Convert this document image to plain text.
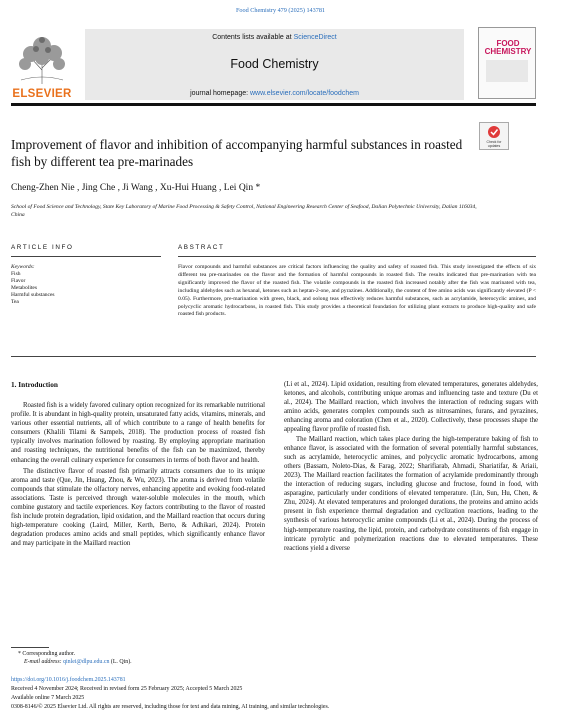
Food Chemistry 479 (2025) 143781
ELSEVIER
Contents lists available at ScienceDirect
Food Chemistry
journal homepage: www.elsevier.com/locate/foodchem
FOOD CHEMISTRY
Check for
updates
Improvement of flavor and inhibition of accompanying harmful substances in roasted fish by different tea pre-marinades
Cheng-Zhen Nie , Jing Che , Ji Wang , Xu-Hui Huang , Lei Qin *
School of Food Science and Technology, State Key Laboratory of Marine Food Processing & Safety Control, National Engineering Research Center of Seafood, Dalian Polytechnic University, Dalian 116034, China
ARTICLE INFO	ABSTRACT
Keywords:
Fish
Flavor
Metabolites
Harmful substances
Tea
Flavor compounds and harmful substances are critical factors influencing the quality and safety of roasted fish. This study investigated the effects of six different tea pre-marinades on the flavor and the formation of harmful compounds in roasted fish. The results indicated that pre-marination with tea significantly improved the flavor of the roasted fish. The volatile compounds in the roasted fish increased notably after the fish was marinated with tea, including aldehydes such as hexanal, ketones such as heptan-2-one, and pyrazines. Additionally, the content of free amino acids was significantly elevated (P < 0.05). Furthermore, pre-marination with green, black, and oolong teas effectively reduces harmful substances, such as acrylamide, heterocyclic amines, and polycyclic aromatic hydrocarbons, in roasted fish. This study provides a theoretical foundation for utilizing plant extracts to produce high-quality and safe roasted fish products.
1. Introduction

Roasted fish is a widely favored culinary option recognized for its remarkable nutritional profile. It is abundant in high-quality protein, unsaturated fatty acids, vitamins, minerals, and various other essential nutrients, all of which contribute to a range of health benefits for consumers (Khalili Tilami & Sampels, 2018). The production process of roasted fish typically involves marination followed by roasting. By employing appropriate marination and roasting techniques, the nutritional benefits of the fish can be maximized, thereby enhancing the overall culinary experience for consumers in terms of both flavor and health.

The distinctive flavor of roasted fish primarily attracts consumers due to its unique aroma and taste (Que, Jin, Huang, Zhou, & Wu, 2023). The aroma is derived from volatile compounds that stimulate the olfactory nerves, enhancing appetite and evoking food-related associations. Taste is perceived through water-soluble molecules in the mouth, which combine gustatory and tactile experiences. Key factors contributing to the flavor of roasted fish include protein degradation, lipid oxidation, and the Maillard reaction that occurs during high-temperature cooking (Laird, Miller, Kerth, Berto, & Adhikari, 2024). Protein degradation produces amino acids and small peptides, which significantly enhance flavor and may participate in the Maillard reaction

(Li et al., 2024). Lipid oxidation, resulting from elevated temperatures, generates aldehydes, ketones, and alcohols, contributing unique aromas and influencing taste and texture (Du et al., 2024). The Maillard reaction, which involves the interaction of reducing sugars with amino acids, generates complex compounds such as nitrosamines, furans, and pyrazines, enhancing aroma and coloration (Chen et al., 2020). Collectively, these processes shape the appealing flavor profile of roasted fish.

The Maillard reaction, which takes place during the high-temperature baking of fish to enhance flavor, is associated with the formation of several potentially harmful substances, such as acrylamide, heterocyclic amines, and polycyclic aromatic hydrocarbons, among others (Bassam, Noleto-Dias, & Farag, 2022; Sharifiarab, Ahmadi, Shariatifar, & Ariaii, 2023). The Maillard reaction facilitates the formation of acrylamide predominantly through the interaction of reducing sugars, including glucose and fructose, found in food, with asparagine, particularly under conditions of elevated temperature. (Lin, Sun, Hu, Chen, & Zhu, 2024). At elevated temperatures and prolonged durations, the proteins and amino acids present in fish experience thermal degradation and cyclization reactions, leading to the synthesis of various heterocyclic amine compounds (Li et al., 2024). During the process of high-temperature roasting, the lipid, protein, and carbohydrate constituents of fish engage in intricate pyrolytic and polymerization reactions due to elevated temperatures. These reactions yield a diverse

* Corresponding author.
E-mail address: qinlei@dlpu.edu.cn (L. Qin).
https://doi.org/10.1016/j.foodchem.2025.143781
Received 4 November 2024; Received in revised form 25 February 2025; Accepted 5 March 2025
Available online 7 March 2025
0308-8146/© 2025 Elsevier Ltd. All rights are reserved, including those for text and data mining, AI training, and similar technologies.
